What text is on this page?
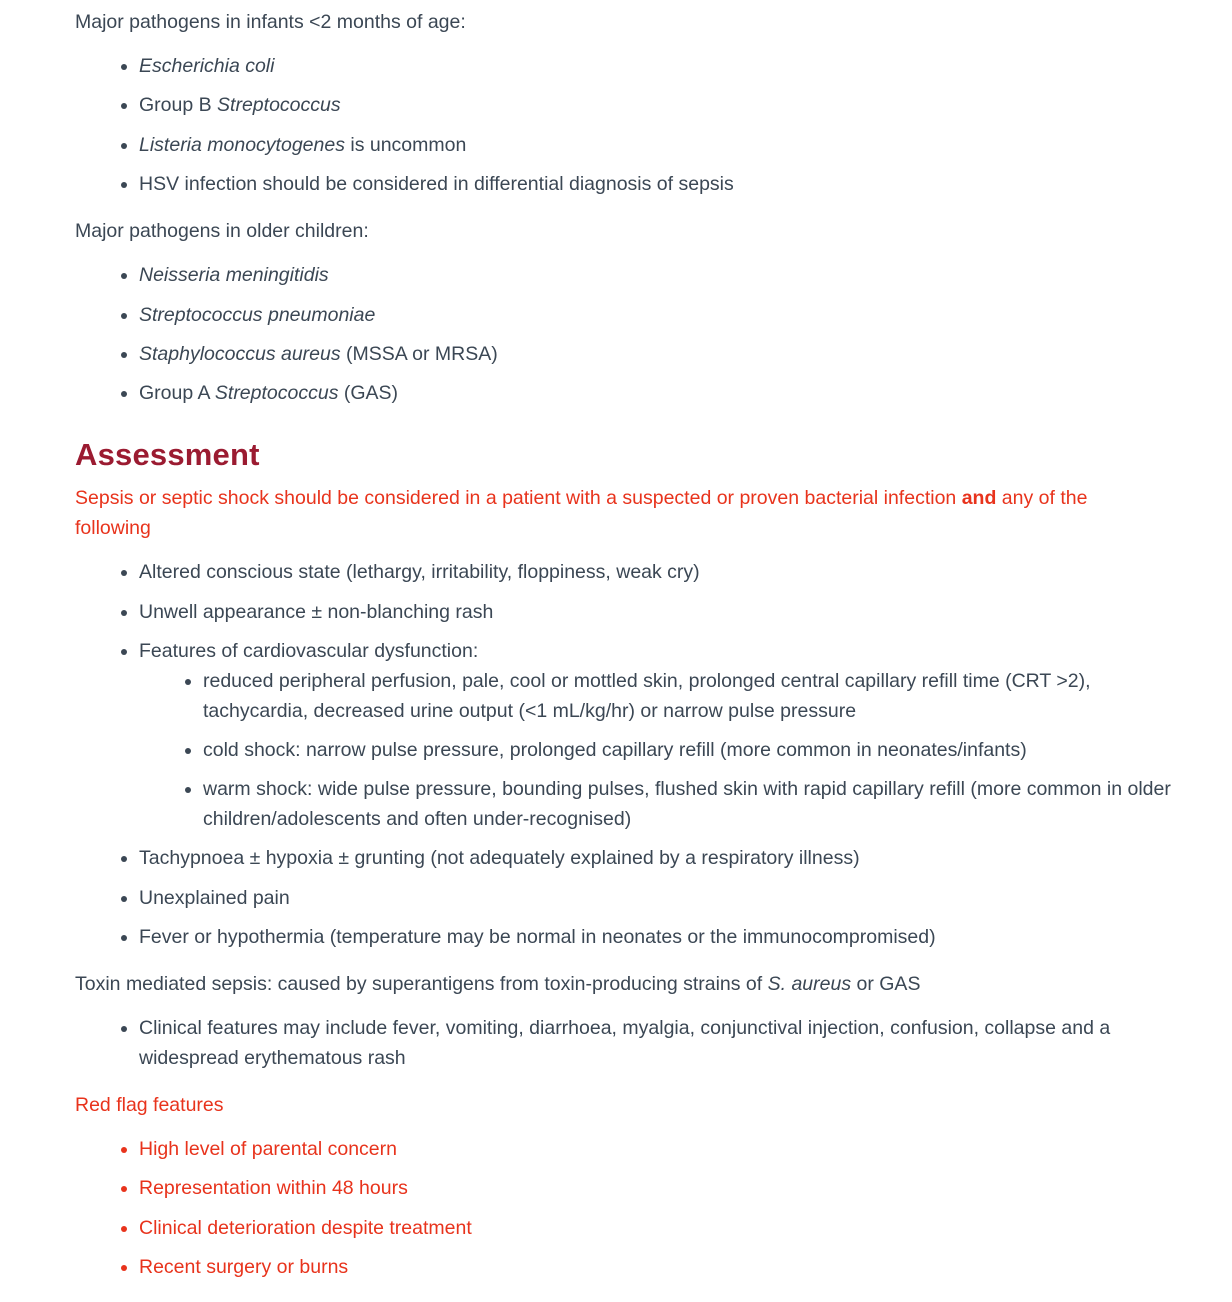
Major pathogens in infants <2 months of age:

Escherichia coli
Group B Streptococcus
Listeria monocytogenes is uncommon
HSV infection should be considered in differential diagnosis of sepsis

Major pathogens in older children:

Neisseria meningitidis
Streptococcus pneumoniae
Staphylococcus aureus (MSSA or MRSA)
Group A Streptococcus (GAS)
Assessment

Sepsis or septic shock should be considered in a patient with a suspected or proven bacterial infection and any of the following

Altered conscious state (lethargy, irritability, floppiness, weak cry)
Unwell appearance ± non-blanching rash
Features of cardiovascular dysfunction:
reduced peripheral perfusion, pale, cool or mottled skin, prolonged central capillary refill time (CRT >2), tachycardia, decreased urine output (<1 mL/kg/hr) or narrow pulse pressure
cold shock: narrow pulse pressure, prolonged capillary refill (more common in neonates/infants)
warm shock: wide pulse pressure, bounding pulses, flushed skin with rapid capillary refill (more common in older children/adolescents and often under-recognised)
Tachypnoea ± hypoxia ± grunting (not adequately explained by a respiratory illness)
Unexplained pain
Fever or hypothermia (temperature may be normal in neonates or the immunocompromised)

Toxin mediated sepsis: caused by superantigens from toxin-producing strains of S. aureus or GAS

Clinical features may include fever, vomiting, diarrhoea, myalgia, conjunctival injection, confusion, collapse and a widespread erythematous rash

Red flag features

High level of parental concern
Representation within 48 hours
Clinical deterioration despite treatment
Recent surgery or burns
